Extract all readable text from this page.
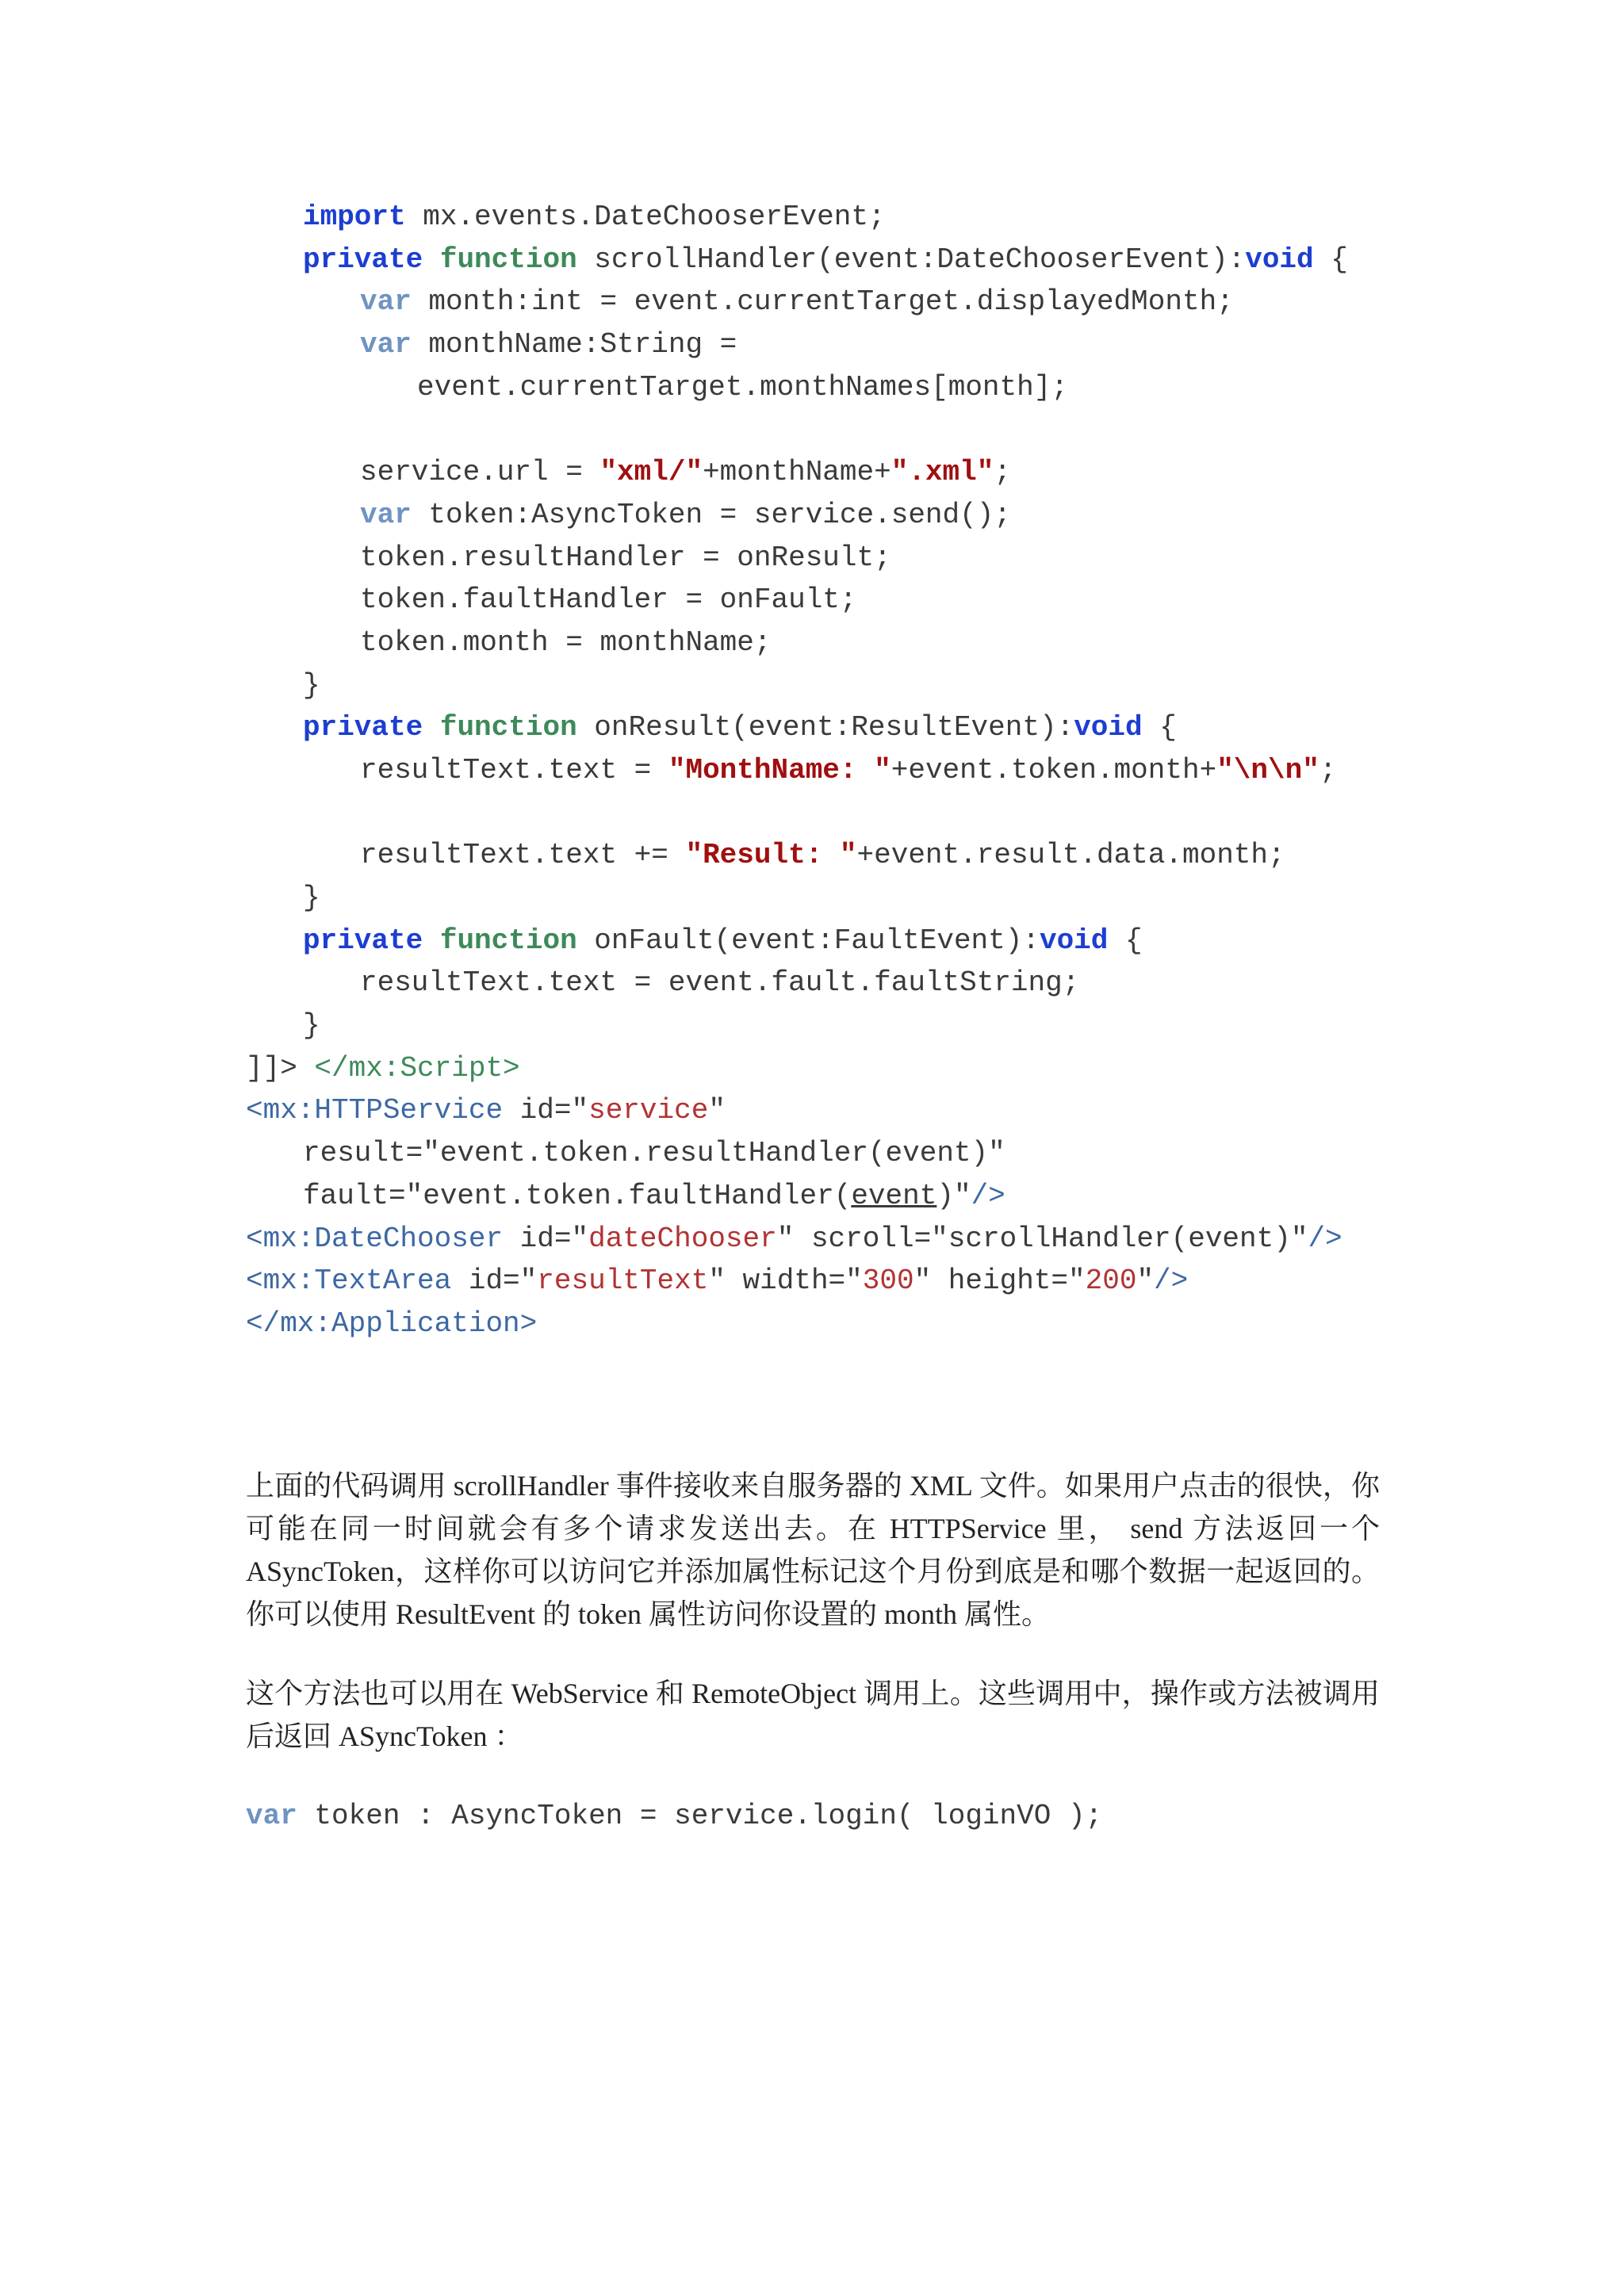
import mx.events.DateChooserEvent;
private function scrollHandler(event:DateChooserEvent):void {
var month:int = event.currentTarget.displayedMonth;
var monthName:String =
event.currentTarget.monthNames[month];
service.url = "xml/"+monthName+".xml";
var token:AsyncToken = service.send();
token.resultHandler = onResult;
token.faultHandler = onFault;
token.month = monthName;
}
private function onResult(event:ResultEvent):void {
resultText.text = "MonthName: "+event.token.month+"\n\n";
resultText.text += "Result: "+event.result.data.month;
}
private function onFault(event:FaultEvent):void {
resultText.text = event.fault.faultString;
}
]]> </mx:Script>
<mx:HTTPService id="service"
result="event.token.resultHandler(event)"
fault="event.token.faultHandler(event)"/>
<mx:DateChooser id="dateChooser" scroll="scrollHandler(event)"/>
<mx:TextArea id="resultText" width="300" height="200"/>
</mx:Application>

上面的代码调用 scrollHandler 事件接收来自服务器的 XML 文件。如果用户点击的很快，你可能在同一时间就会有多个请求发送出去。在 HTTPService 里， send 方法返回一个 ASyncToken，这样你可以访问它并添加属性标记这个月份到底是和哪个数据一起返回的。你可以使用 ResultEvent 的 token 属性访问你设置的 month 属性。

这个方法也可以用在 WebService 和 RemoteObject 调用上。这些调用中，操作或方法被调用后返回 ASyncToken ：

var token : AsyncToken = service.login( loginVO );
